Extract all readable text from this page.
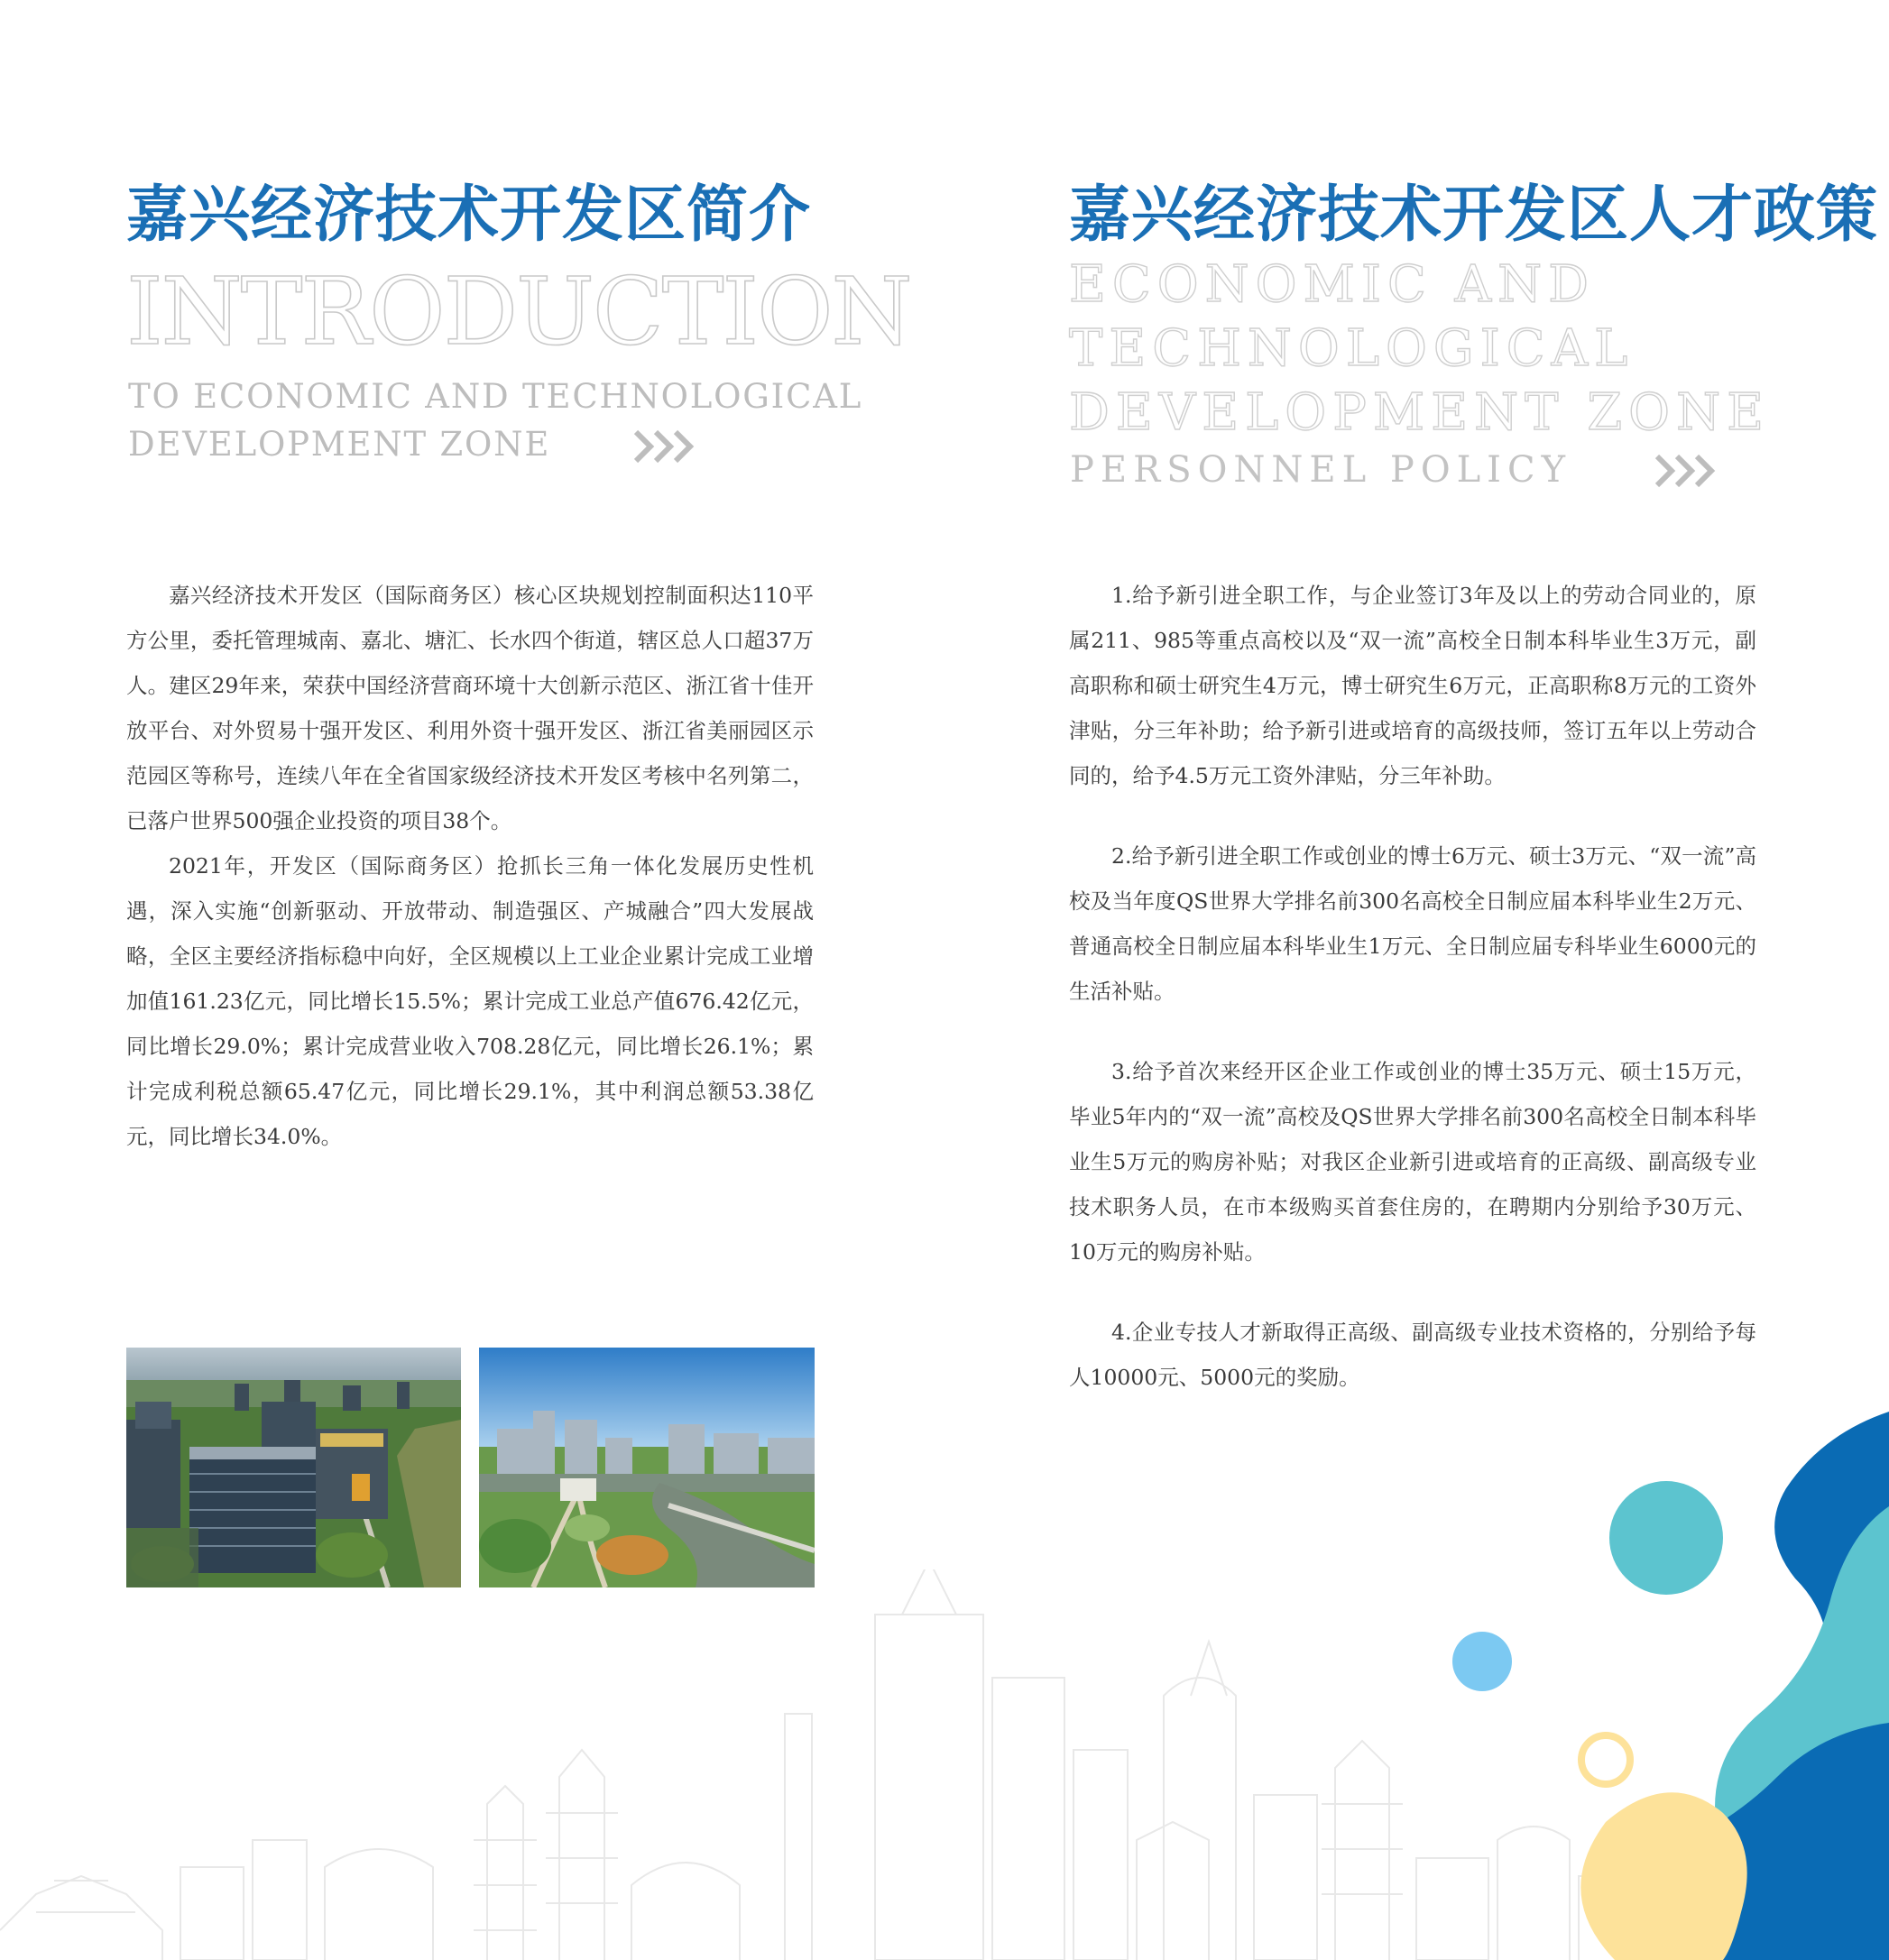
嘉兴经济技术开发区简介
INTRODUCTION
TO ECONOMIC AND TECHNOLOGICAL
DEVELOPMENT ZONE

嘉兴经济技术开发区（国际商务区）核心区块规划控制面积达110平方公里，委托管理城南、嘉北、塘汇、长水四个街道，辖区总人口超37万人。建区29年来，荣获中国经济营商环境十大创新示范区、浙江省十佳开放平台、对外贸易十强开发区、利用外资十强开发区、浙江省美丽园区示范园区等称号，连续八年在全省国家级经济技术开发区考核中名列第二，已落户世界500强企业投资的项目38个。

2021年，开发区（国际商务区）抢抓长三角一体化发展历史性机遇，深入实施“创新驱动、开放带动、制造强区、产城融合”四大发展战略，全区主要经济指标稳中向好，全区规模以上工业企业累计完成工业增加值161.23亿元，同比增长15.5%；累计完成工业总产值676.42亿元，同比增长29.0%；累计完成营业收入708.28亿元，同比增长26.1%；累计完成利税总额65.47亿元，同比增长29.1%，其中利润总额53.38亿元，同比增长34.0%。

嘉兴经济技术开发区人才政策
ECONOMIC AND
TECHNOLOGICAL
DEVELOPMENT ZONE
PERSONNEL POLICY

1.给予新引进全职工作，与企业签订3年及以上的劳动合同业的，原属211、985等重点高校以及“双一流”高校全日制本科毕业生3万元，副高职称和硕士研究生4万元，博士研究生6万元，正高职称8万元的工资外津贴，分三年补助；给予新引进或培育的高级技师，签订五年以上劳动合同的，给予4.5万元工资外津贴，分三年补助。

2.给予新引进全职工作或创业的博士6万元、硕士3万元、“双一流”高校及当年度QS世界大学排名前300名高校全日制应届本科毕业生2万元、普通高校全日制应届本科毕业生1万元、全日制应届专科毕业生6000元的生活补贴。

3.给予首次来经开区企业工作或创业的博士35万元、硕士15万元，毕业5年内的“双一流”高校及QS世界大学排名前300名高校全日制本科毕业生5万元的购房补贴；对我区企业新引进或培育的正高级、副高级专业技术职务人员，在市本级购买首套住房的，在聘期内分别给予30万元、10万元的购房补贴。

4.企业专技人才新取得正高级、副高级专业技术资格的，分别给予每人10000元、5000元的奖励。
